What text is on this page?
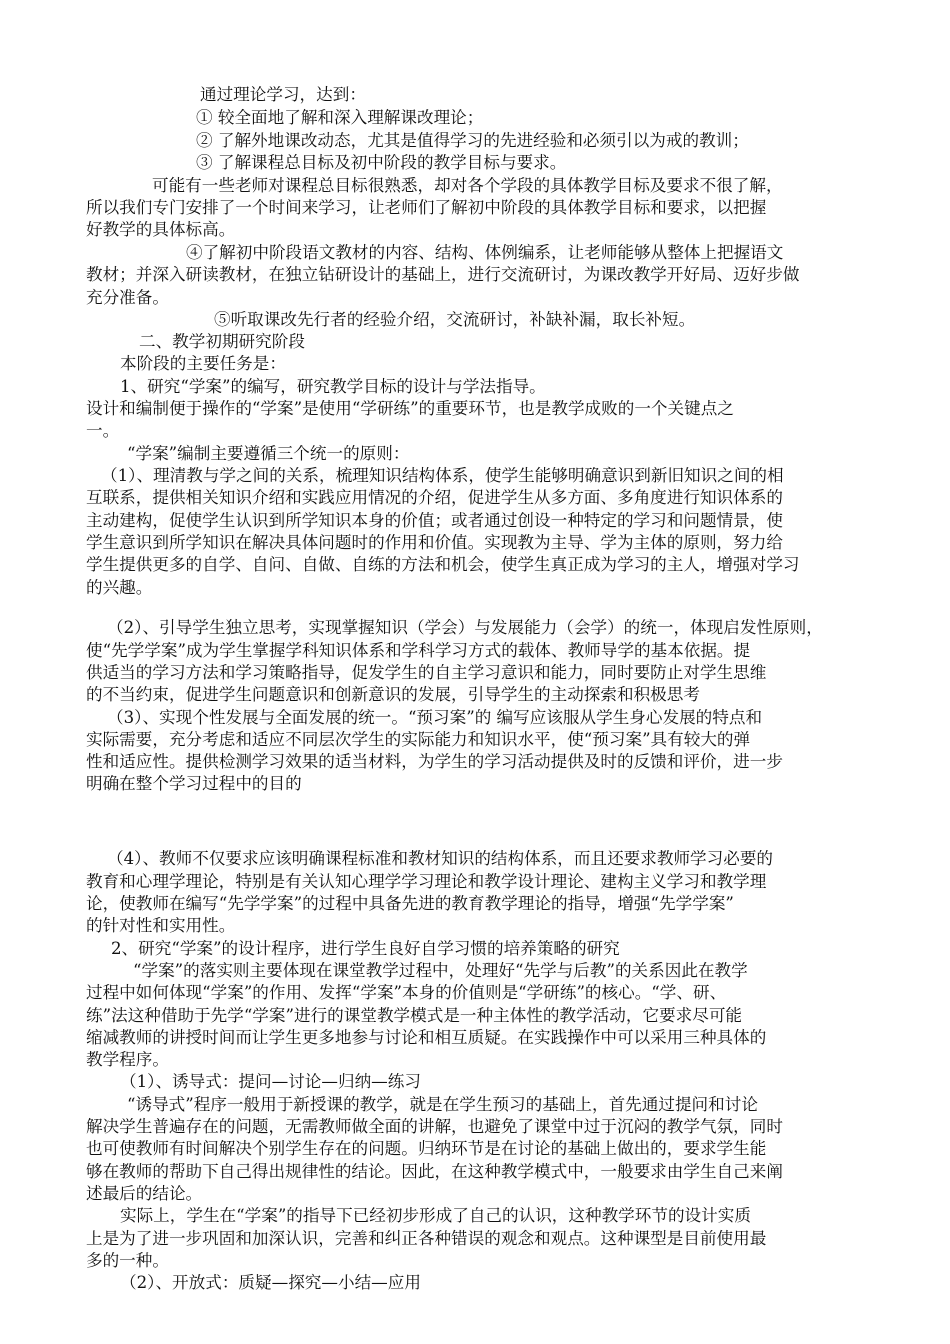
通过理论学习，达到：

① 较全面地了解和深入理解课改理论；

② 了解外地课改动态，尤其是值得学习的先进经验和必须引以为戒的教训；

③ 了解课程总目标及初中阶段的教学目标与要求。

可能有一些老师对课程总目标很熟悉，却对各个学段的具体教学目标及要求不很了解，

所以我们专门安排了一个时间来学习，让老师们了解初中阶段的具体教学目标和要求，以把握

好教学的具体标高。

④了解初中阶段语文教材的内容、结构、体例编系，让老师能够从整体上把握语文

教材；并深入研读教材，在独立钻研设计的基础上，进行交流研讨，为课改教学开好局、迈好步做

充分准备。

⑤听取课改先行者的经验介绍，交流研讨，补缺补漏，取长补短。

二、教学初期研究阶段

本阶段的主要任务是：

1、研究“学案”的编写，研究教学目标的设计与学法指导。

设计和编制便于操作的“学案”是使用“学研练”的重要环节，也是教学成败的一个关键点之

一。

“学案”编制主要遵循三个统一的原则：

（1）、理清教与学之间的关系，梳理知识结构体系，使学生能够明确意识到新旧知识之间的相

互联系，提供相关知识介绍和实践应用情况的介绍，促进学生从多方面、多角度进行知识体系的

主动建构，促使学生认识到所学知识本身的价值；或者通过创设一种特定的学习和问题情景，使

学生意识到所学知识在解决具体问题时的作用和价值。实现教为主导、学为主体的原则，努力给

学生提供更多的自学、自问、自做、自练的方法和机会，使学生真正成为学习的主人，增强对学习

的兴趣。

（2）、引导学生独立思考，实现掌握知识（学会）与发展能力（会学）的统一，体现启发性原则，

使“先学学案”成为学生掌握学科知识体系和学科学习方式的载体、教师导学的基本依据。提

供适当的学习方法和学习策略指导，促发学生的自主学习意识和能力，同时要防止对学生思维

的不当约束，促进学生问题意识和创新意识的发展，引导学生的主动探索和积极思考

（3）、实现个性发展与全面发展的统一。“预习案”的 编写应该服从学生身心发展的特点和

实际需要，充分考虑和适应不同层次学生的实际能力和知识水平，使“预习案”具有较大的弹

性和适应性。提供检测学习效果的适当材料，为学生的学习活动提供及时的反馈和评价，进一步

明确在整个学习过程中的目的

（4）、教师不仅要求应该明确课程标准和教材知识的结构体系，而且还要求教师学习必要的

教育和心理学理论，特别是有关认知心理学学习理论和教学设计理论、建构主义学习和教学理

论，使教师在编写“先学学案”的过程中具备先进的教育教学理论的指导，增强“先学学案”

的针对性和实用性。

2、研究“学案”的设计程序，进行学生良好自学习惯的培养策略的研究

“学案”的落实则主要体现在课堂教学过程中，处理好“先学与后教”的关系因此在教学

过程中如何体现“学案”的作用、发挥“学案”本身的价值则是“学研练”的核心。“学、研、

练”法这种借助于先学“学案”进行的课堂教学模式是一种主体性的教学活动，它要求尽可能

缩减教师的讲授时间而让学生更多地参与讨论和相互质疑。在实践操作中可以采用三种具体的

教学程序。

（1）、诱导式：提问—讨论—归纳—练习

“诱导式”程序一般用于新授课的教学，就是在学生预习的基础上，首先通过提问和讨论

解决学生普遍存在的问题，无需教师做全面的讲解，也避免了课堂中过于沉闷的教学气氛，同时

也可使教师有时间解决个别学生存在的问题。归纳环节是在讨论的基础上做出的，要求学生能

够在教师的帮助下自己得出规律性的结论。因此，在这种教学模式中，一般要求由学生自己来阐

述最后的结论。

实际上，学生在“学案”的指导下已经初步形成了自己的认识，这种教学环节的设计实质

上是为了进一步巩固和加深认识，完善和纠正各种错误的观念和观点。这种课型是目前使用最

多的一种。

（2）、开放式：质疑—探究—小结—应用
